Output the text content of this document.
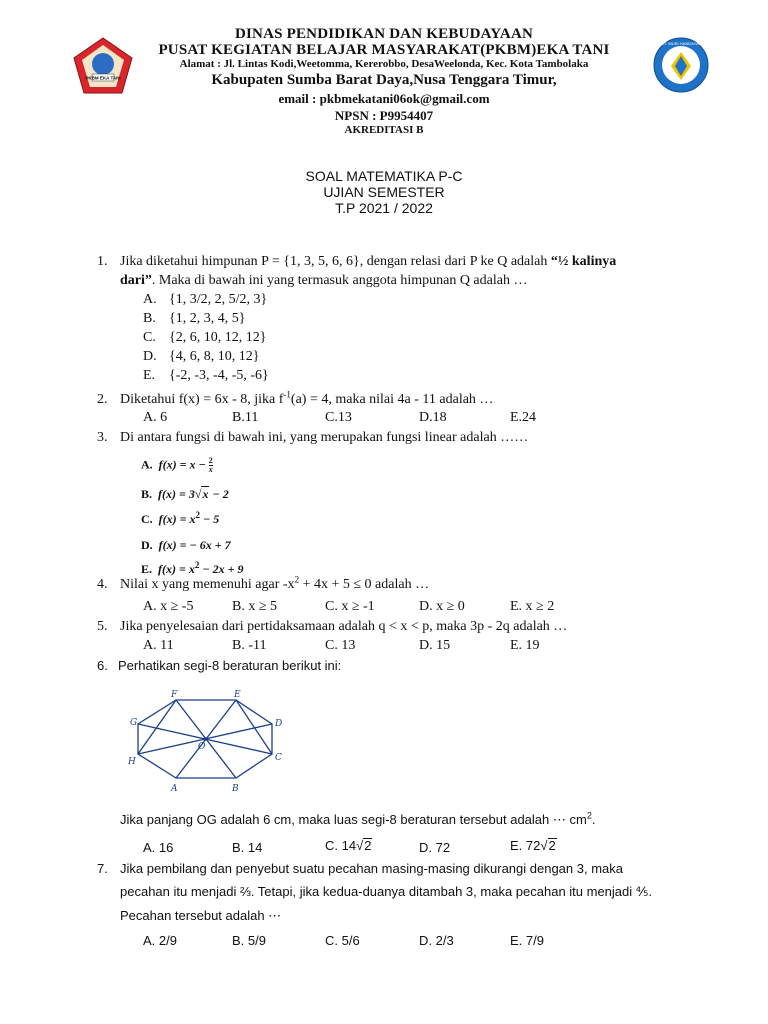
PKBM EKA TANI
TUT WURI HANDAYANI
DINAS PENDIDIKAN DAN KEBUDAYAAN
PUSAT KEGIATAN BELAJAR MASYARAKAT(PKBM)EKA TANI
Alamat : Jl. Lintas Kodi,Weetomma, Kererobbo, DesaWeelonda, Kec. Kota Tambolaka
Kabupaten Sumba Barat Daya,Nusa Tenggara Timur,
email : pkbmekatani06ok@gmail.com
NPSN : P9954407
AKREDITASI B
SOAL MATEMATIKA P-C
UJIAN SEMESTER
T.P 2021 / 2022
1. Jika diketahui himpunan P = {1, 3, 5, 6, 6}, dengan relasi dari P ke Q adalah “½ kalinya
dari”. Maka di bawah ini yang termasuk anggota himpunan Q adalah …
A. {1, 3/2, 2, 5/2, 3}
B. {1, 2, 3, 4, 5}
C. {2, 6, 10, 12, 12}
D. {4, 6, 8, 10, 12}
E. {-2, -3, -4, -5, -6}
2. Diketahui f(x) = 6x - 8, jika $f^{-1}(a) = 4$, maka nilai 4a - 11 adalah …
A. 6	B.11	C.13	D.18	E.24
3. Di antara fungsi di bawah ini, yang merupakan fungsi linear adalah ……
A. $f(x) = x - \frac{2}{x}$
B. f(x) = 3√x − 2
C. $f(x) = x^2 - 5$
D. f(x) = − 6x + 7
E. $f(x) = x^2 - 2x + 9$
4. Nilai x yang memenuhi agar $-x^2 + 4x + 5 \le 0$ adalah …
A. x ≥ -5	B. x ≥ 5	C. x ≥ -1	D. x ≥ 0	E. x ≥ 2
5. Jika penyelesaian dari pertidaksamaan adalah q < x < p, maka 3p - 2q adalah …
A. 11	B. -11	C. 13	D. 15	E. 19
6. Perhatikan segi-8 beraturan berikut ini:
F	E
G	D
O
H	C
A	B
Jika panjang OG adalah 6 cm, maka luas segi-8 beraturan tersebut adalah ⋯ $cm^2$.
A. 16	B. 14	C. 14√2	D. 72	E. 72√2
7. Jika pembilang dan penyebut suatu pecahan masing-masing dikurangi dengan 3, maka
pecahan itu menjadi ⅔. Tetapi, jika kedua-duanya ditambah 3, maka pecahan itu menjadi ⅘.
Pecahan tersebut adalah ⋯
A. 2/9	B. 5/9	C. 5/6	D. 2/3	E. 7/9
